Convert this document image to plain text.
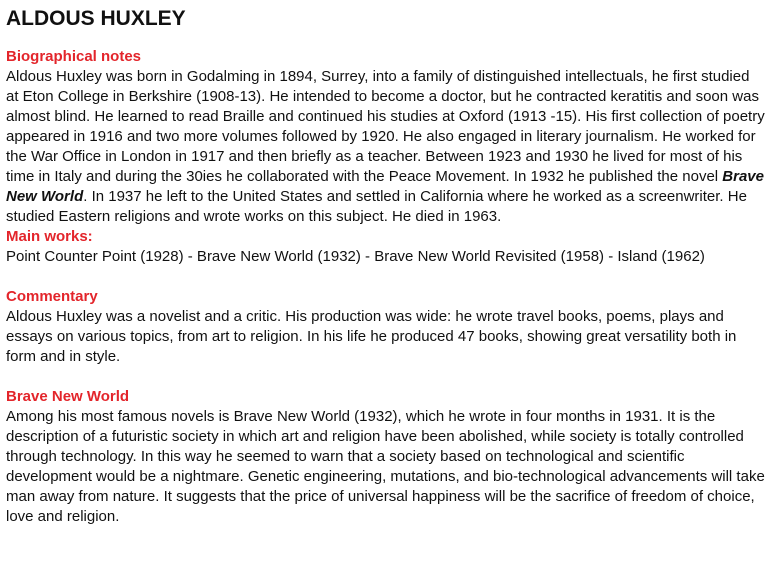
ALDOUS HUXLEY
Biographical notes

Aldous Huxley was born in Godalming in 1894, Surrey, into a family of distinguished intellectuals, he first studied at Eton College in Berkshire (1908-13). He intended to become a doctor, but he contracted keratitis and soon was almost blind. He learned to read Braille and continued his studies at Oxford (1913 -15). His first collection of poetry appeared in 1916 and two more volumes followed by 1920. He also engaged in literary journalism. He worked for the War Office in London in 1917 and then briefly as a teacher. Between 1923 and 1930 he lived for most of his time in Italy and during the 30ies he collaborated with the Peace Movement. In 1932 he published the novel Brave New World. In 1937 he left to the United States and settled in California where he worked as a screenwriter. He studied Eastern religions and wrote works on this subject. He died in 1963.

Main works:

Point Counter Point (1928) - Brave New World (1932) - Brave New World Revisited (1958) - Island (1962)

Commentary

Aldous Huxley was a novelist and a critic. His production was wide: he wrote travel books, poems, plays and essays on various topics, from art to religion. In his life he produced 47 books, showing great versatility both in form and in style.

Brave New World

Among his most famous novels is Brave New World (1932), which he wrote in four months in 1931. It is the description of a futuristic society in which art and religion have been abolished, while society is totally controlled through technology. In this way he seemed to warn that a society based on technological and scientific development would be a nightmare. Genetic engineering, mutations, and bio-technological advancements will take man away from nature. It suggests that the price of universal happiness will be the sacrifice of freedom of choice, love and religion.
